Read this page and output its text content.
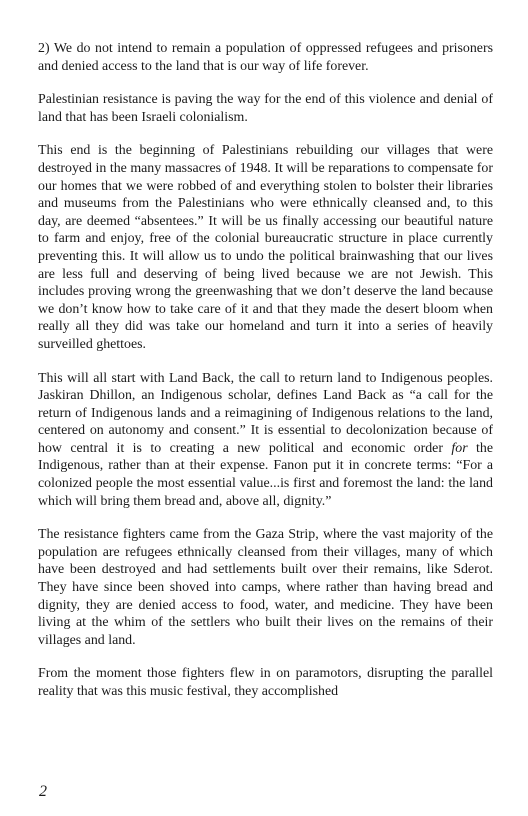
2) We do not intend to remain a population of oppressed refugees and prisoners and denied access to the land that is our way of life forever.

Palestinian resistance is paving the way for the end of this violence and denial of land that has been Israeli colonialism.

This end is the beginning of Palestinians rebuilding our villages that were destroyed in the many massacres of 1948. It will be reparations to compensate for our homes that we were robbed of and everything stolen to bolster their libraries and museums from the Palestinians who were ethnically cleansed and, to this day, are deemed “absentees.” It will be us finally accessing our beautiful nature to farm and enjoy, free of the colonial bureaucratic structure in place currently preventing this. It will allow us to undo the political brainwashing that our lives are less full and deserving of being lived because we are not Jewish. This includes proving wrong the greenwashing that we don’t deserve the land because we don’t know how to take care of it and that they made the desert bloom when really all they did was take our homeland and turn it into a series of heavily surveilled ghettoes.

This will all start with Land Back, the call to return land to Indigenous peoples. Jaskiran Dhillon, an Indigenous scholar, defines Land Back as “a call for the return of Indigenous lands and a reimagining of Indigenous relations to the land, centered on autonomy and consent.” It is essential to decolonization because of how central it is to creating a new political and economic order for the Indigenous, rather than at their expense. Fanon put it in concrete terms: “For a colonized people the most essential value...is first and foremost the land: the land which will bring them bread and, above all, dignity.”

The resistance fighters came from the Gaza Strip, where the vast majority of the population are refugees ethnically cleansed from their villages, many of which have been destroyed and had settlements built over their remains, like Sderot. They have since been shoved into camps, where rather than having bread and dignity, they are denied access to food, water, and medicine. They have been living at the whim of the settlers who built their lives on the remains of their villages and land.

From the moment those fighters flew in on paramotors, disrupting the parallel reality that was this music festival, they accomplished

2
